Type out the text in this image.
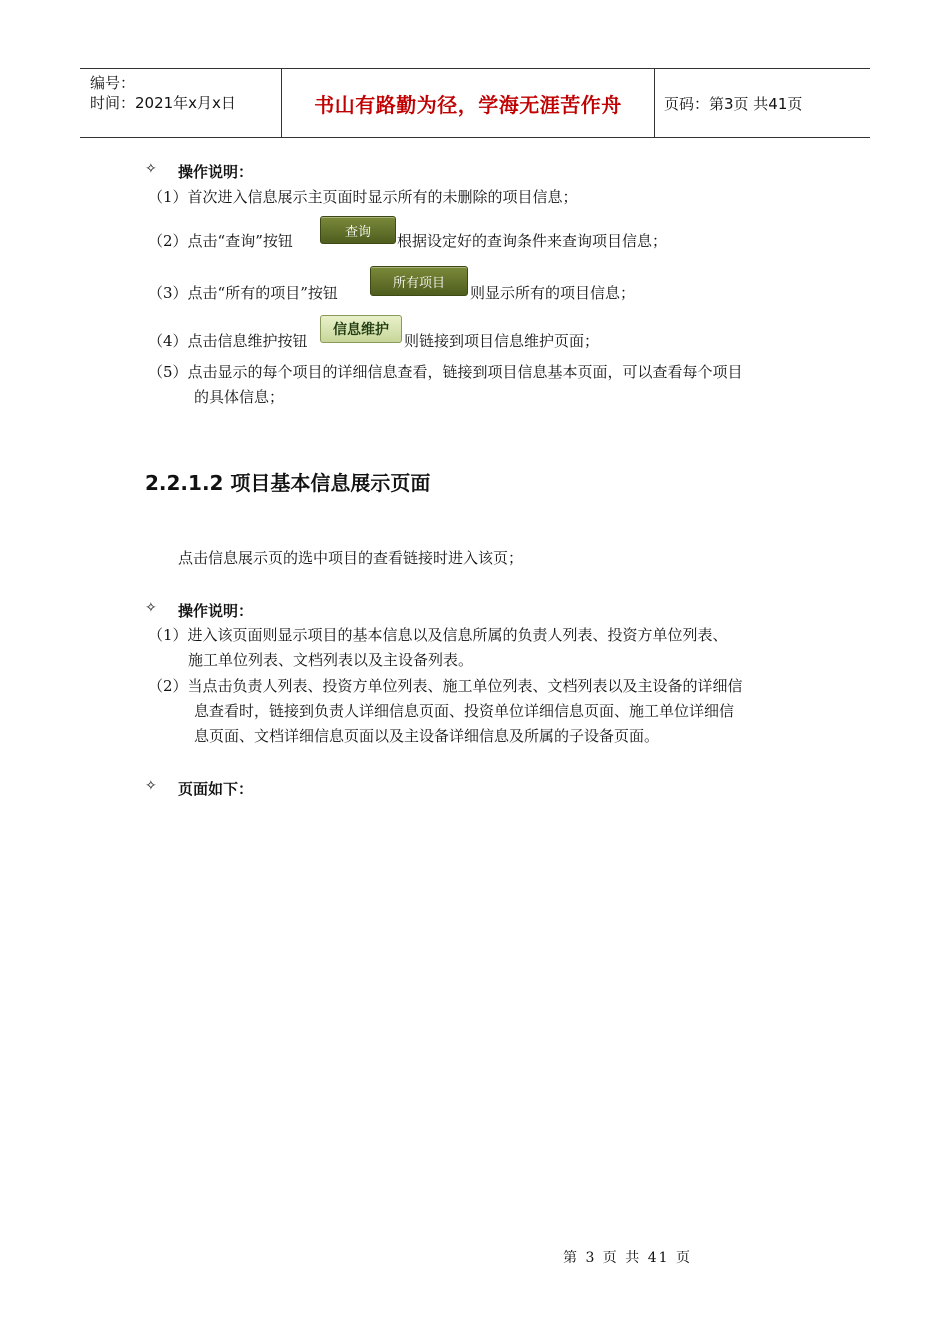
编号：
时间：2021年x月x日	书山有路勤为径，学海无涯苦作舟	页码：第3页 共41页
✧ 操作说明：
（1）首次进入信息展示主页面时显示所有的未删除的项目信息；
（2）点击“查询”按钮	查询	根据设定好的查询条件来查询项目信息；
（3）点击“所有的项目”按钮
所有项目
则显示所有的项目信息；
（4）点击信息维护按钮
信息维护
则链接到项目信息维护页面；
（5）点击显示的每个项目的详细信息查看，链接到项目信息基本页面，可以查看每个项目
的具体信息；
2.2.1.2 项目基本信息展示页面
点击信息展示页的选中项目的查看链接时进入该页；
✧ 操作说明：
（1）进入该页面则显示项目的基本信息以及信息所属的负责人列表、投资方单位列表、
施工单位列表、文档列表以及主设备列表。
（2）当点击负责人列表、投资方单位列表、施工单位列表、文档列表以及主设备的详细信
息查看时，链接到负责人详细信息页面、投资单位详细信息页面、施工单位详细信
息页面、文档详细信息页面以及主设备详细信息及所属的子设备页面。
✧ 页面如下：
第 3 页 共 41 页
